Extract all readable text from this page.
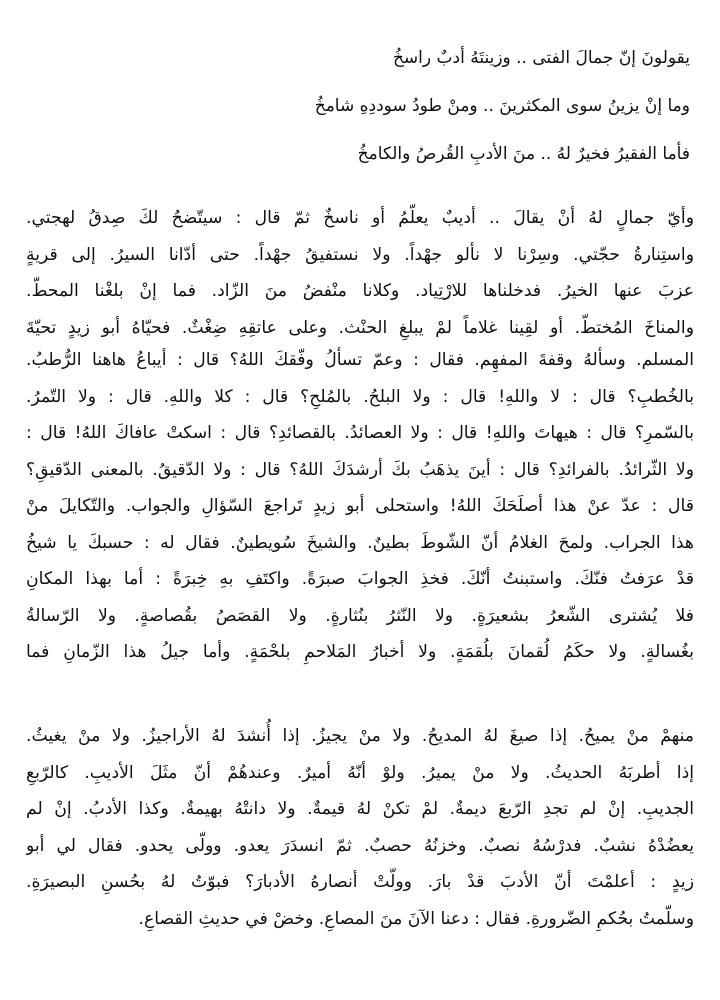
يقولونَ إنّ جمالَ الفتى .. وزينتَهُ أدبٌ راسخُ
وما إنْ يزينُ سوى المكثرينَ .. ومنْ طودُ سوددِهِ شامخُ
فأما الفقيرُ فخيرٌ لهُ .. منَ الأدبِ القُرصُ والكامخُ

وأيّ جمالٍ لهُ أنْ يقالَ .. أديبٌ يعلّمُ أو ناسخٌ ثمّ قال : سيتّضحُ لكَ صِدقُ لهجتي.
واستِنارةُ حجّتي. وسِرْنا لا نألو جهْداً. ولا نستفيقُ جهْداً. حتى أدّانا السيرُ. إلى قريةٍ
عزبَ عنها الخيرُ. فدخلناها للارْتِياد. وكلانا منْفضُ منَ الزّاد. فما إنْ بلغْنا المحطّ.
والمناخَ المُختطّ. أو لقِينا غلاماً لمْ يبلغِ الحنْث. وعلى عاتقِهِ ضِغْثٌ. فحيّاهُ أبو زيدٍ تحيّةَ

المسلم. وسألهُ وقفةَ المفهِم. فقال : وعمّ تسألُ وفّقكَ اللهُ؟ قال : أيباعُ هاهنا الرُّطبُ.
بالخُطبِ؟ قال : لا واللهِ! قال : ولا البلحُ. بالمُلحِ؟ قال : كلا واللهِ. قال : ولا التّمرُ.
بالسّمرِ؟ قال : هيهاتَ واللهِ! قال : ولا العصائدُ. بالقصائدِ؟ قال : اسكتْ عافاكَ اللهُ! قال :
ولا الثّرائدُ. بالفرائدِ؟ قال : أينَ يذهَبُ بكَ أرشدَكَ اللهُ؟ قال : ولا الدّقيقُ. بالمعنى الدّقيقِ؟
قال : عدّ عنْ هذا أصلَحَكَ اللهُ! واستحلى أبو زيدٍ تَراجعَ السّؤالِ والجواب. والتّكايلَ منْ
هذا الجراب. ولمحَ الغلامُ أنّ الشّوطَ بطينٌ. والشيخَ سُويطينٌ. فقال له : حسبكَ يا شيخُ
قدْ عرَفتُ فنّكَ. واستبنتُ أنّكَ. فخذِ الجوابَ صبرَةً. واكتَفِ بهِ خِبرَةً : أما بهذا المكانِ
فلا يُشترى الشّعرُ بشعيرَةٍ. ولا النّثرُ بنُثارةٍ. ولا القصَصُ بقُصاصةٍ. ولا الرّسالةُ
بغُسالةٍ. ولا حكَمُ لُقمانَ بلُقمَةٍ. ولا أخبارُ المَلاحمِ بلحْمَةٍ. وأما جيلُ هذا الزّمانِ فما

منهمْ منْ يميحُ. إذا صيغَ لهُ المديحُ. ولا منْ يجيزُ. إذا أُنشدَ لهُ الأراجيزُ. ولا منْ يغيثُ.
إذا أطربَهُ الحديثُ. ولا منْ يميرُ. ولوْ أنّهُ أميرٌ. وعندهُمْ أنّ مثَلَ الأديبِ. كالرّبعِ
الجديبِ. إنْ لم تجدِ الرّبعَ ديمةٌ. لمْ تكنْ لهُ قيمةٌ. ولا دانتْهُ بهيمةٌ. وكذا الأدبُ. إنْ لم
يعضُدْهُ نشبٌ. فدرْسُهُ نصبٌ. وخزنُهُ حصبٌ. ثمّ انسدَرَ يعدو. وولّى يحدو. فقال لي أبو
زيدٍ : أعلمْتَ أنّ الأدبَ قدْ بارَ. وولّتْ أنصارهُ الأدبارَ؟ فبوّتُ لهُ بحُسنِ البصيرَةِ.
وسلّمتُ بحُكمِ الضّرورةِ. فقال : دعنا الآنَ منَ المصاعِ. وخضْ في حديثِ القصاعِ.
